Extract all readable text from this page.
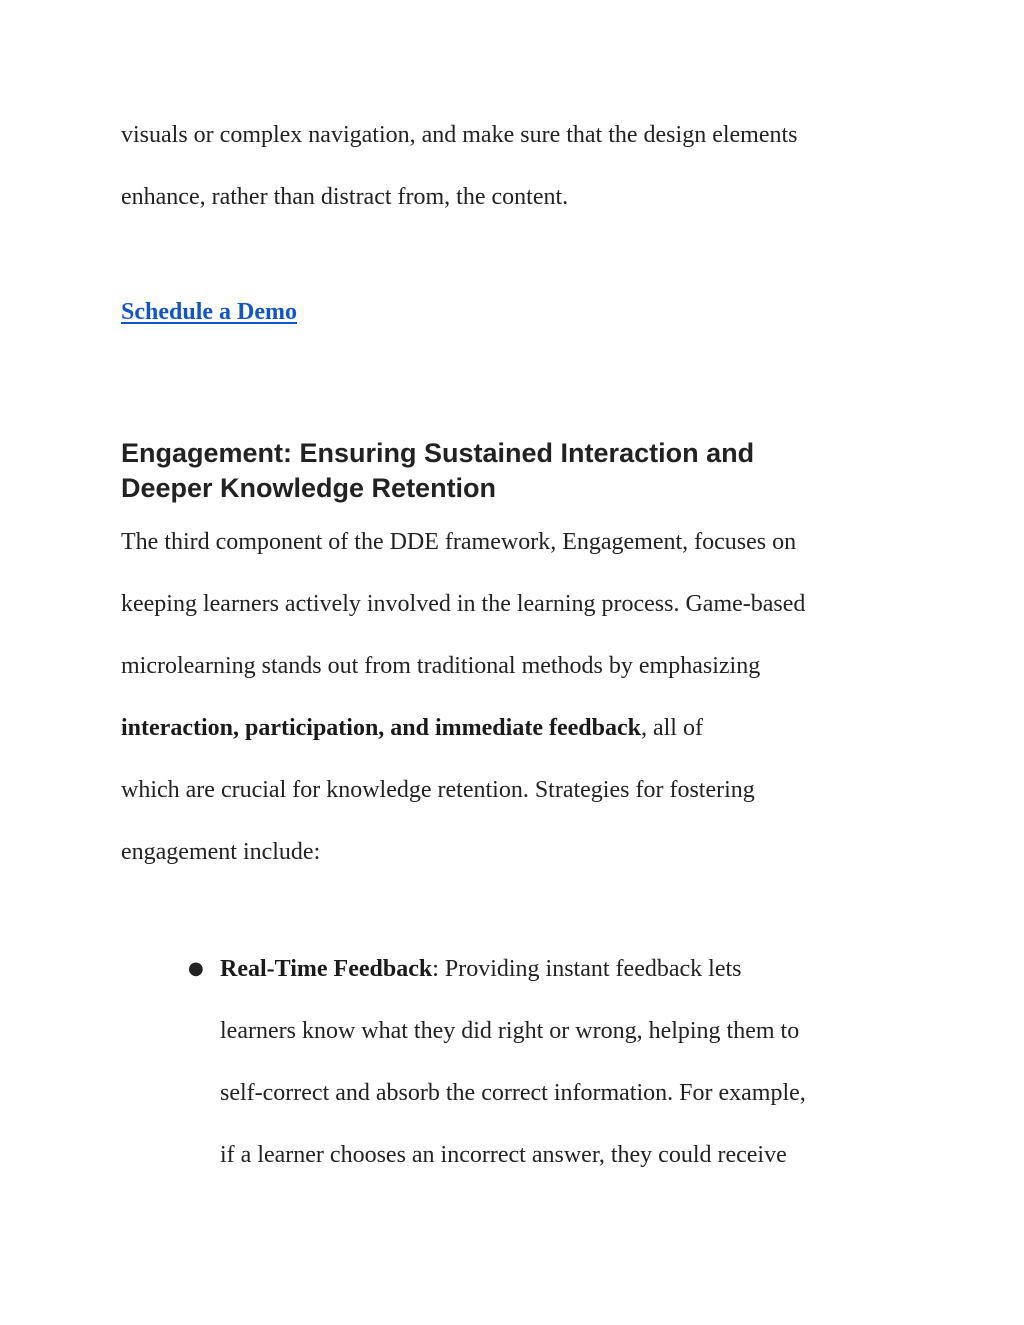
visuals or complex navigation, and make sure that the design elements
enhance, rather than distract from, the content.
Schedule a Demo
Engagement: Ensuring Sustained Interaction and
Deeper Knowledge Retention
The third component of the DDE framework, Engagement, focuses on
keeping learners actively involved in the learning process. Game-based
microlearning stands out from traditional methods by emphasizing
interaction, participation, and immediate feedback, all of
which are crucial for knowledge retention. Strategies for fostering
engagement include:
● Real-Time Feedback: Providing instant feedback lets
learners know what they did right or wrong, helping them to
self-correct and absorb the correct information. For example,
if a learner chooses an incorrect answer, they could receive
